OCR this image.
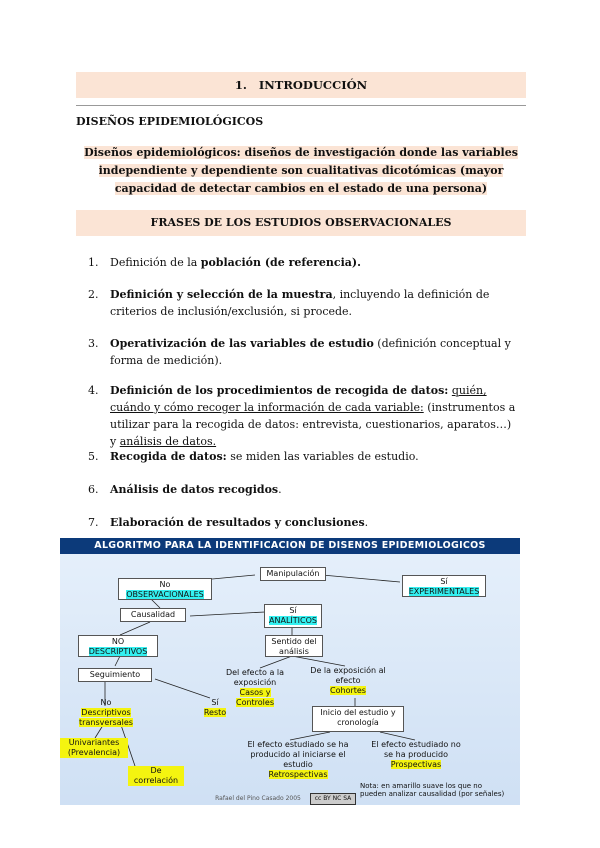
1. INTRODUCCIÓN
DISEÑOS EPIDEMIOLÓGICOS
Diseños epidemiológicos: diseños de investigación donde las variables independiente y dependiente son cualitativas dicotómicas (mayor capacidad de detectar cambios en el estado de una persona)
FRASES DE LOS ESTUDIOS OBSERVACIONALES
1. Definición de la población (de referencia).
2. Definición y selección de la muestra, incluyendo la definición de criterios de inclusión/exclusión, si procede.
3. Operativización de las variables de estudio (definición conceptual y forma de medición).
4. Definición de los procedimientos de recogida de datos: quién, cuándo y cómo recoger la información de cada variable: (instrumentos a utilizar para la recogida de datos: entrevista, cuestionarios, aparatos…) y análisis de datos.
5. Recogida de datos: se miden las variables de estudio.
6. Análisis de datos recogidos.
7. Elaboración de resultados y conclusiones.
ALGORITMO PARA LA IDENTIFICACION DE DISENOS EPIDEMIOLOGICOS
Manipulación
No
OBSERVACIONALES
Sí
EXPERIMENTALES
Causalidad	Sí
ANALÍTICOS
NO
DESCRIPTIVOS
Sentido del análisis
Del efecto a la exposición
Casos y Controles
De la exposición al efecto
Cohortes
Seguimiento
No
Descriptivos transversales
Sí
Resto	Inicio del estudio y cronología
Univariantes (Prevalencia)
De correlación
El efecto estudiado se ha producido al iniciarse el estudio
Retrospectivas
El efecto estudiado no se ha producido
Prospectivas
Nota: en amarillo suave los que no pueden analizar causalidad (por señales)
Rafael del Pino Casado 2005	cc BY NC SA
